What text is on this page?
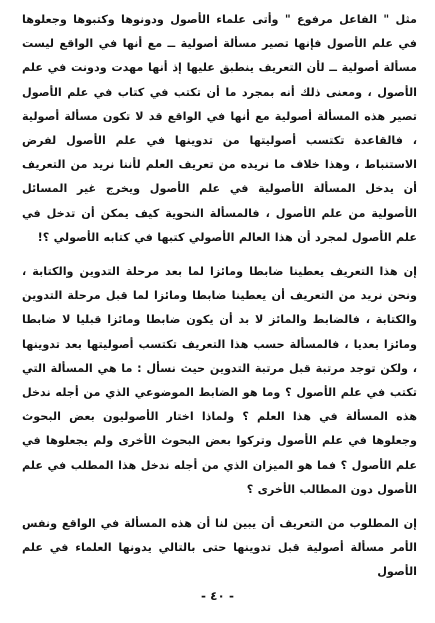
مثل " الفاعل مرفوع " وأتى علماء الأصول ودونوها وكتبوها وجعلوها في علم الأصول فإنها تصير مسألة أصولية ــ مع أنها في الواقع ليست مسألة أصولية ــ لأن التعريف ينطبق عليها إذ أنها مهدت ودونت في علم الأصول ، ومعنى ذلك أنه بمجرد ما أن تكتب في كتاب في علم الأصول تصير هذه المسألة أصولية مع أنها في الواقع قد لا تكون مسألة أصولية ، فالقاعدة تكتسب أصوليتها من تدوينها في علم الأصول لفرض الاستنباط ، وهذا خلاف ما نريده من تعريف العلم لأننا نريد من التعريف أن يدخل المسألة الأصولية في علم الأصول ويخرج غير المسائل الأصولية من علم الأصول ، فالمسألة النحوية كيف يمكن أن تدخل في علم الأصول لمجرد أن هذا العالم الأصولي كتبها في كتابه الأصولي ؟!

إن هذا التعريف يعطينا ضابطا ومائزا لما بعد مرحلة التدوين والكتابة ، ونحن نريد من التعريف أن يعطينا ضابطا ومائزا لما قبل مرحلة التدوين والكتابة ، فالضابط والمائز لا بد أن يكون ضابطا ومائزا قبليا لا ضابطا ومائزا بعديا ، فالمسألة حسب هذا التعريف تكتسب أصوليتها بعد تدوينها ، ولكن توجد مرتبة قبل مرتبة التدوين حيث نسأل : ما هي المسألة التي تكتب في علم الأصول ؟ وما هو الضابط الموضوعي الذي من أجله ندخل هذه المسألة في هذا العلم ؟ ولماذا اختار الأصوليون بعض البحوث وجعلوها في علم الأصول وتركوا بعض البحوث الأخرى ولم يجعلوها في علم الأصول ؟ فما هو الميزان الذي من أجله ندخل هذا المطلب في علم الأصول دون المطالب الأخرى ؟

إن المطلوب من التعريف أن يبين لنا أن هذه المسألة في الواقع ونفس الأمر مسألة أصولية قبل تدوينها حتى بالتالي يدونها العلماء في علم الأصول

- ٤٠ -
